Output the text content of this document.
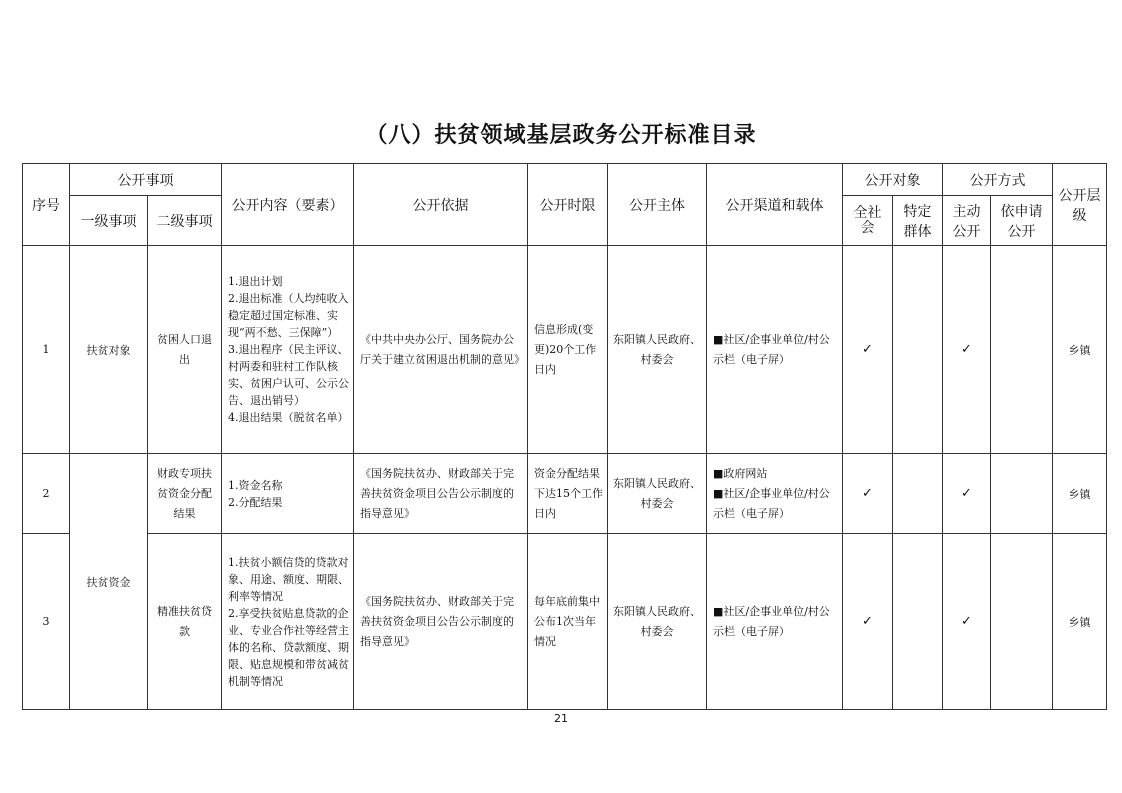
（八）扶贫领域基层政务公开标准目录
序号	公开事项		公开内容（要素）	公开依据	公开时限	公开主体	公开渠道和载体	公开对象		公开方式		公开层级
	一级事项	二级事项						全社会	特定群体	主动公开	依申请公开	
1	扶贫对象	贫困人口退出	1.退出计划
2.退出标准（人均纯收入稳定超过国定标准、实现“两不愁、三保障”）
3.退出程序（民主评议、村两委和驻村工作队核实、贫困户认可、公示公告、退出销号）
4.退出结果（脱贫名单）	《中共中央办公厅、国务院办公厅关于建立贫困退出机制的意见》	信息形成(变更)20个工作日内	东阳镇人民政府、村委会	■社区/企事业单位/村公示栏（电子屏）	✓		✓		乡镇
2	扶贫资金	财政专项扶贫资金分配结果	1.资金名称
2.分配结果	《国务院扶贫办、财政部关于完善扶贫资金项目公告公示制度的指导意见》	资金分配结果下达15个工作日内	东阳镇人民政府、村委会	■政府网站
■社区/企事业单位/村公示栏（电子屏）	✓		✓		乡镇
3		精准扶贫贷款	1.扶贫小额信贷的贷款对象、用途、额度、期限、利率等情况
2.享受扶贫贴息贷款的企业、专业合作社等经营主体的名称、贷款额度、期限、贴息规模和带贫减贫机制等情况	《国务院扶贫办、财政部关于完善扶贫资金项目公告公示制度的指导意见》	每年底前集中公布1次当年情况	东阳镇人民政府、村委会	■社区/企事业单位/村公示栏（电子屏）	✓		✓		乡镇
21
